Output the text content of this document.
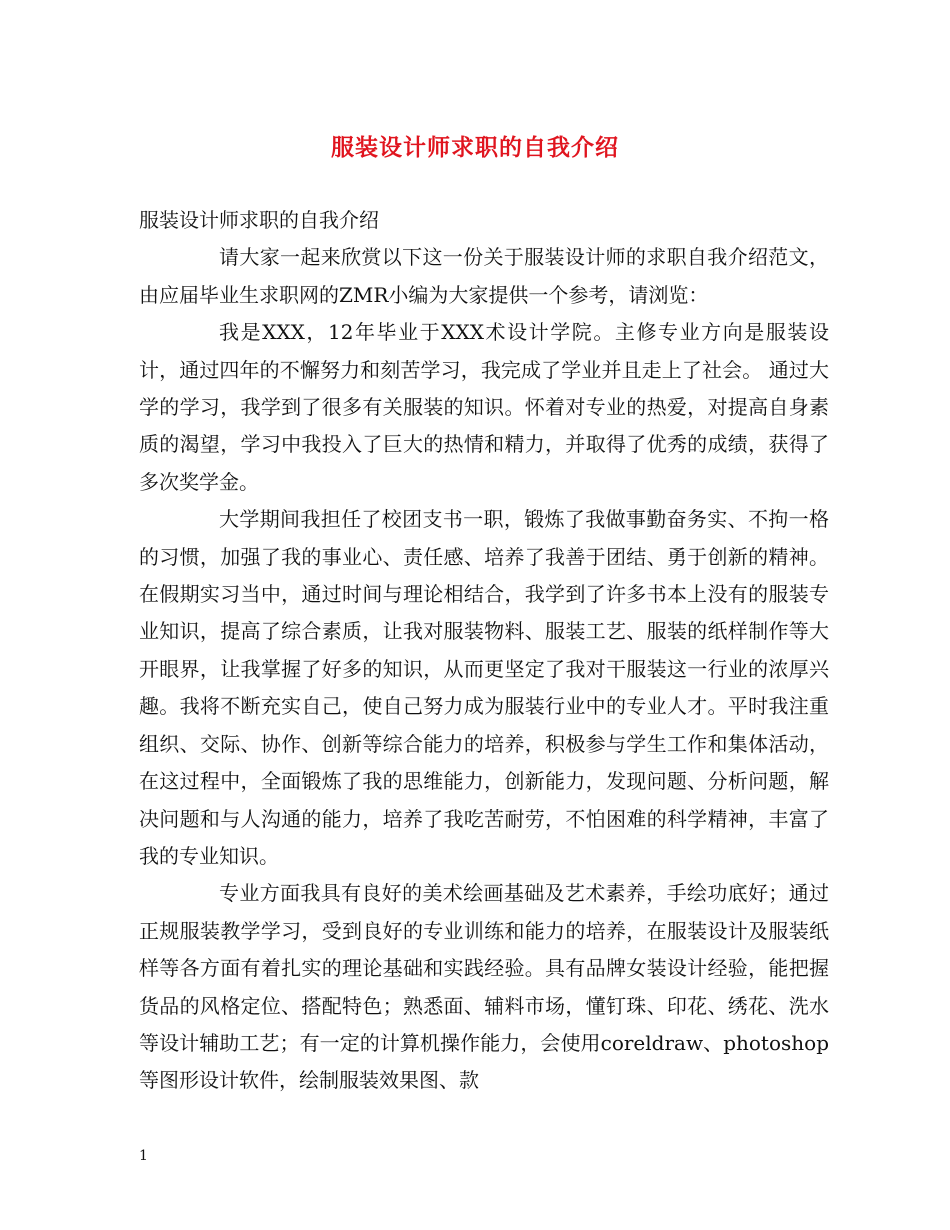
服装设计师求职的自我介绍

服装设计师求职的自我介绍

请大家一起来欣赏以下这一份关于服装设计师的求职自我介绍范文，由应届毕业生求职网的ZMR小编为大家提供一个参考，请浏览：

我是XXX，12年毕业于XXX术设计学院。主修专业方向是服装设计，通过四年的不懈努力和刻苦学习，我完成了学业并且走上了社会。 通过大学的学习，我学到了很多有关服装的知识。怀着对专业的热爱，对提高自身素质的渴望，学习中我投入了巨大的热情和精力，并取得了优秀的成绩，获得了多次奖学金。

大学期间我担任了校团支书一职，锻炼了我做事勤奋务实、不拘一格的习惯，加强了我的事业心、责任感、培养了我善于团结、勇于创新的精神。在假期实习当中，通过时间与理论相结合，我学到了许多书本上没有的服装专业知识，提高了综合素质，让我对服装物料、服装工艺、服装的纸样制作等大开眼界，让我掌握了好多的知识，从而更坚定了我对干服装这一行业的浓厚兴趣。我将不断充实自己，使自己努力成为服装行业中的专业人才。平时我注重组织、交际、协作、创新等综合能力的培养，积极参与学生工作和集体活动，在这过程中，全面锻炼了我的思维能力，创新能力，发现问题、分析问题，解决问题和与人沟通的能力，培养了我吃苦耐劳，不怕困难的科学精神，丰富了我的专业知识。

专业方面我具有良好的美术绘画基础及艺术素养，手绘功底好；通过正规服装教学学习，受到良好的专业训练和能力的培养，在服装设计及服装纸样等各方面有着扎实的理论基础和实践经验。具有品牌女装设计经验，能把握货品的风格定位、搭配特色；熟悉面、辅料市场，懂钉珠、印花、绣花、洗水等设计辅助工艺；有一定的计算机操作能力，会使用coreldraw、photoshop等图形设计软件，绘制服装效果图、款

1
